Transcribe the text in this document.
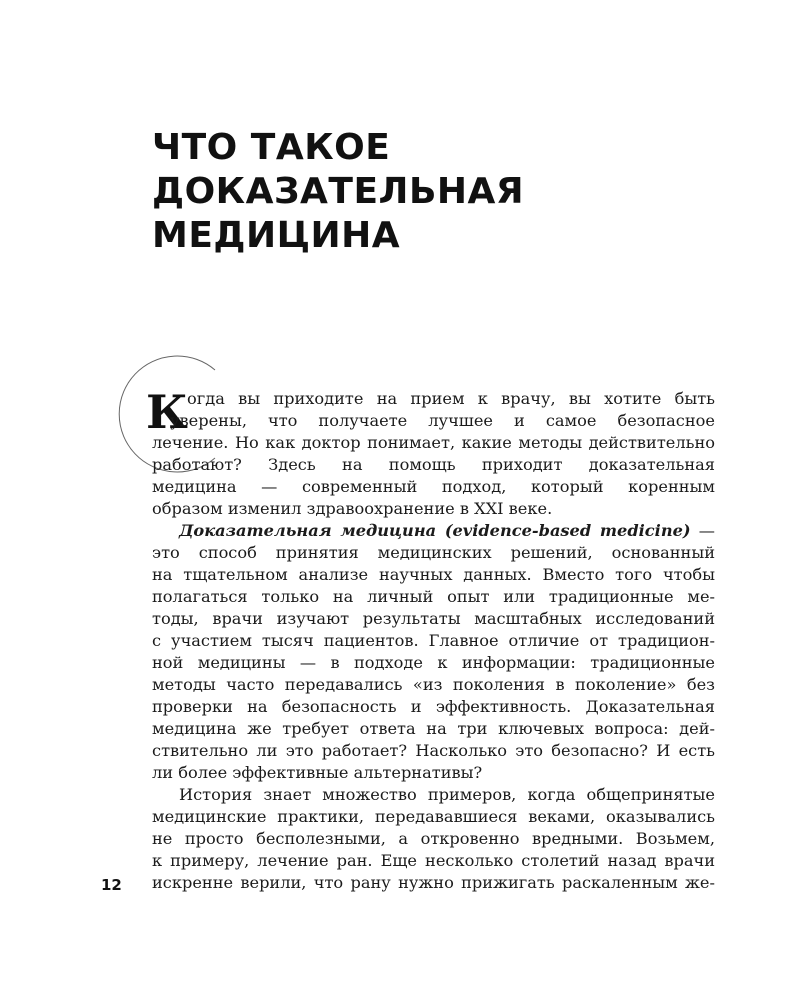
ЧТО ТАКОЕ
ДОКАЗАТЕЛЬНАЯ
МЕДИЦИНА
К огда вы приходите на прием к врачу, вы хотите быть
уверены, что получаете лучшее и самое безопасное
лечение. Но как доктор понимает, какие методы действительно
работают? Здесь на помощь приходит доказательная
медицина — современный подход, который коренным
образом изменил здравоохранение в XXI веке.
Доказательная медицина (evidence-based medicine) —
это способ принятия медицинских решений, основанный
на тщательном анализе научных данных. Вместо того чтобы
полагаться только на личный опыт или традиционные ме-
тоды, врачи изучают результаты масштабных исследований
с участием тысяч пациентов. Главное отличие от традицион-
ной медицины — в подходе к информации: традиционные
методы часто передавались «из поколения в поколение» без
проверки на безопасность и эффективность. Доказательная
медицина же требует ответа на три ключевых вопроса: дей-
ствительно ли это работает? Насколько это безопасно? И есть
ли более эффективные альтернативы?
История знает множество примеров, когда общепринятые
медицинские практики, передававшиеся веками, оказывались
не просто бесполезными, а откровенно вредными. Возьмем,
к примеру, лечение ран. Еще несколько столетий назад врачи
искренне верили, что рану нужно прижигать раскаленным же-
12
